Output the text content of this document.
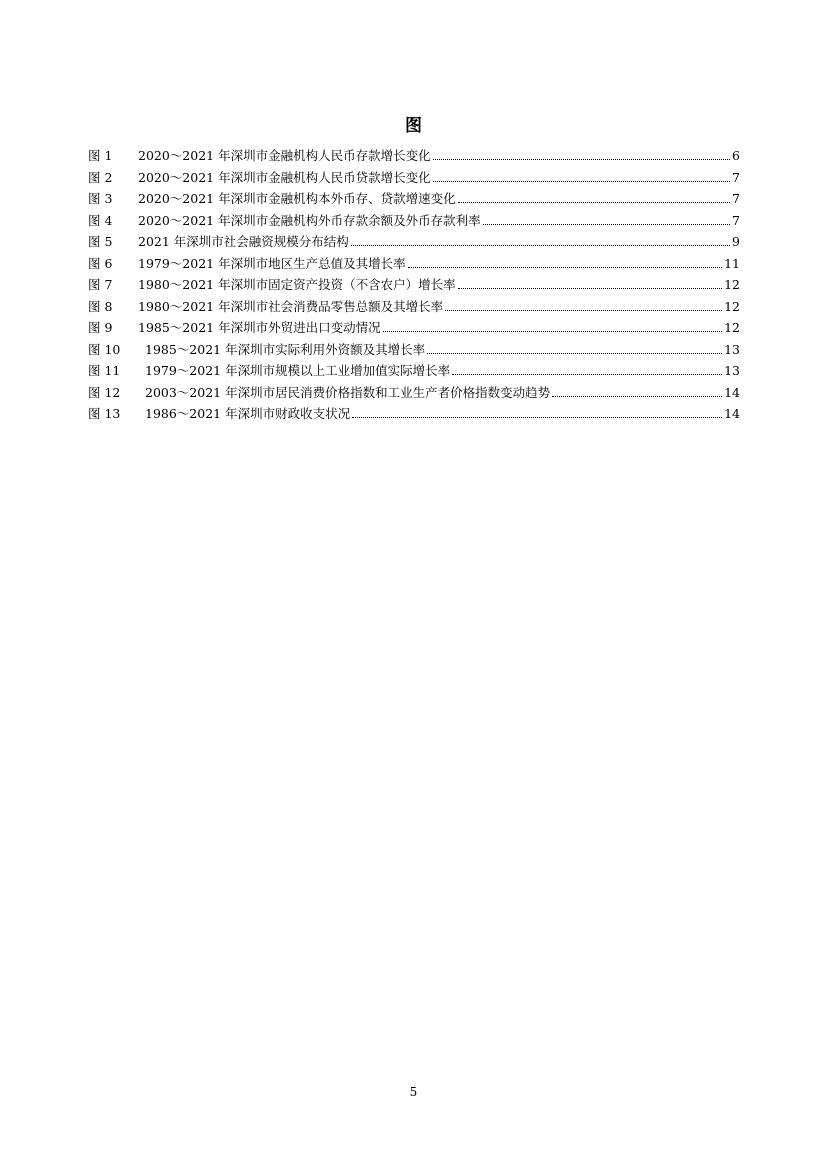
图
图 1	2020～2021 年深圳市金融机构人民币存款增长变化	6
图 2	2020～2021 年深圳市金融机构人民币贷款增长变化	7
图 3	2020～2021 年深圳市金融机构本外币存、贷款增速变化	7
图 4	2020～2021 年深圳市金融机构外币存款余额及外币存款利率	7
图 5	2021 年深圳市社会融资规模分布结构	9
图 6	1979～2021 年深圳市地区生产总值及其增长率	11
图 7	1980～2021 年深圳市固定资产投资（不含农户）增长率	12
图 8	1980～2021 年深圳市社会消费品零售总额及其增长率	12
图 9	1985～2021 年深圳市外贸进出口变动情况	12
图 10	1985～2021 年深圳市实际利用外资额及其增长率	13
图 11	1979～2021 年深圳市规模以上工业增加值实际增长率	13
图 12	2003～2021 年深圳市居民消费价格指数和工业生产者价格指数变动趋势	14
图 13	1986～2021 年深圳市财政收支状况	14
5
